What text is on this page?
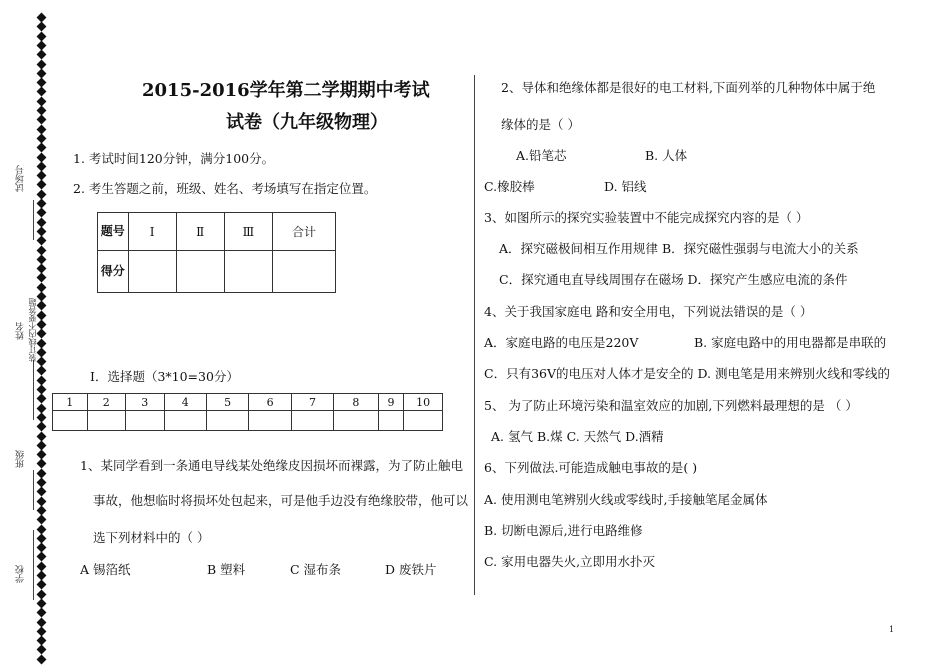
试场号
姓名 装订线内不要答题
班级
学校
2015-2016学年第二学期期中考试
试卷（九年级物理）
1. 考试时间120分钟，满分100分。
2. 考生答题之前，班级、姓名、考场填写在指定位置。
题号	Ⅰ	Ⅱ	Ⅲ	合计
得分				
Ⅰ．选择题（3*10=30分）
1	2	3	4	5	6	7	8	9	10

1、某同学看到一条通电导线某处绝缘皮因损坏而裸露，为了防止触电
事故，他想临时将损坏处包起来，可是他手边没有绝缘胶带，他可以
选下列材料中的（ ）
A 锡箔纸	B 塑料	C 湿布条	D 废铁片
2、导体和绝缘体都是很好的电工材料,下面列举的几种物体中属于绝
缘体的是（ ）
A.铅笔芯	B. 人体
C.橡胶棒	D. 铝线
3、如图所示的探究实验装置中不能完成探究内容的是（ ）
A．探究磁极间相互作用规律 B．探究磁性强弱与电流大小的关系
C．探究通电直导线周围存在磁场 D．探究产生感应电流的条件
4、关于我国家庭电 路和安全用电，下列说法错误的是（ ）
A．家庭电路的电压是220V	B. 家庭电路中的用电器都是串联的
C．只有36V的电压对人体才是安全的 D. 测电笔是用来辨别火线和零线的
5、 为了防止环境污染和温室效应的加剧,下列燃料最理想的是 （ ）
A. 氢气 B.煤 C. 天然气 D.酒精
6、下列做法.可能造成触电事故的是( )
A. 使用测电笔辨别火线或零线时,手接触笔尾金属体
B. 切断电源后,进行电路维修
C. 家用电器失火,立即用水扑灭
1
